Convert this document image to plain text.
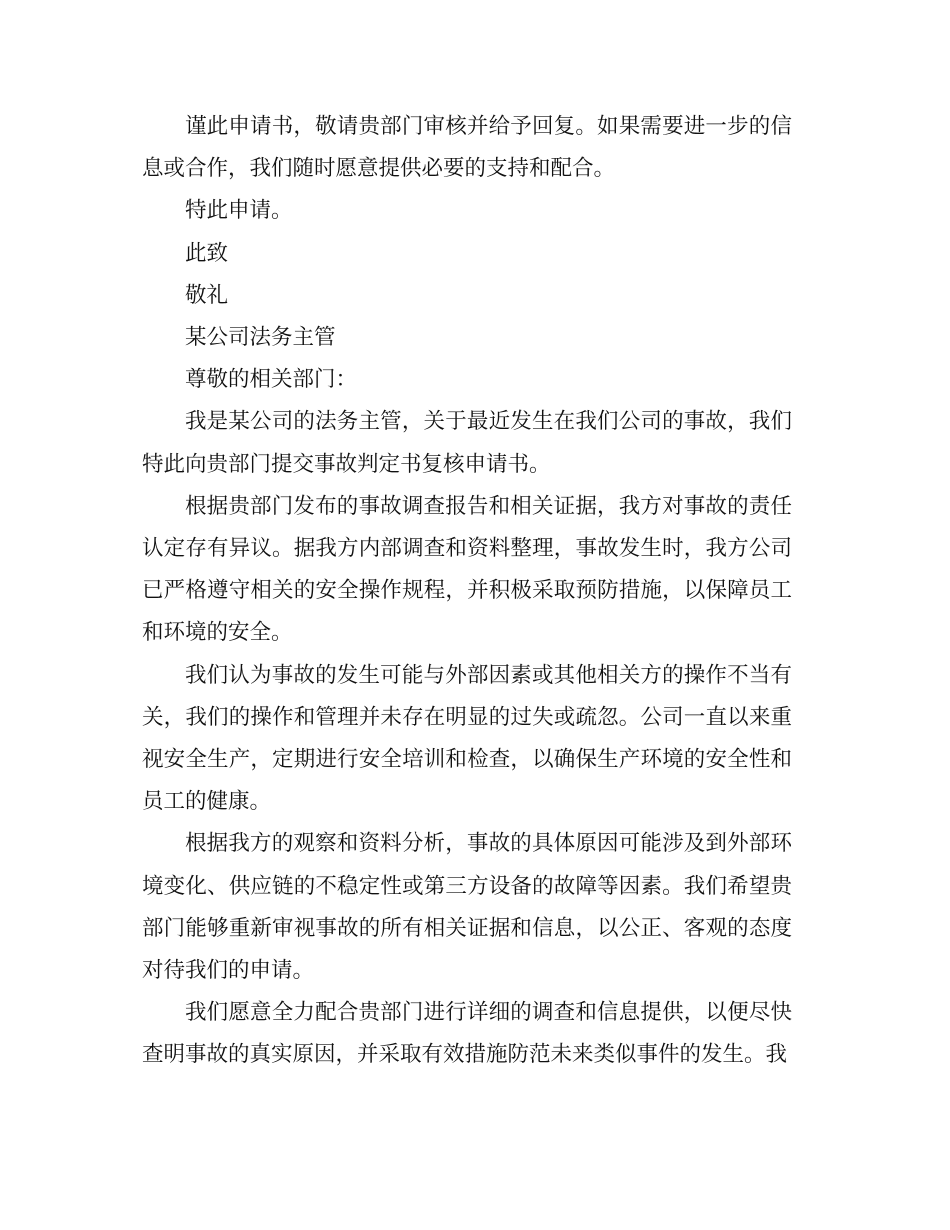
谨此申请书，敬请贵部门审核并给予回复。如果需要进一步的信息或合作，我们随时愿意提供必要的支持和配合。

特此申请。

此致

敬礼

某公司法务主管

尊敬的相关部门：

我是某公司的法务主管，关于最近发生在我们公司的事故，我们特此向贵部门提交事故判定书复核申请书。

根据贵部门发布的事故调查报告和相关证据，我方对事故的责任认定存有异议。据我方内部调查和资料整理，事故发生时，我方公司已严格遵守相关的安全操作规程，并积极采取预防措施，以保障员工和环境的安全。

我们认为事故的发生可能与外部因素或其他相关方的操作不当有关，我们的操作和管理并未存在明显的过失或疏忽。公司一直以来重视安全生产，定期进行安全培训和检查，以确保生产环境的安全性和员工的健康。

根据我方的观察和资料分析，事故的具体原因可能涉及到外部环境变化、供应链的不稳定性或第三方设备的故障等因素。我们希望贵部门能够重新审视事故的所有相关证据和信息，以公正、客观的态度对待我们的申请。

我们愿意全力配合贵部门进行详细的调查和信息提供，以便尽快查明事故的真实原因，并采取有效措施防范未来类似事件的发生。我
